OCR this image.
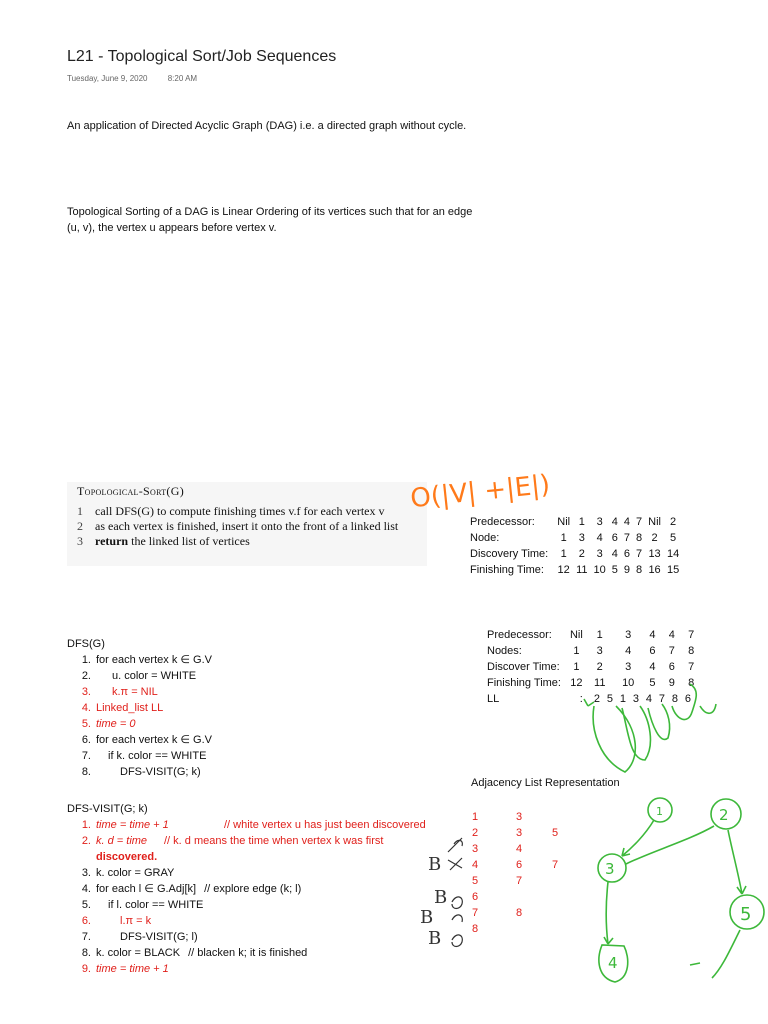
L21 - Topological Sort/Job Sequences
Tuesday, June 9, 2020	8:20 AM
An application of Directed Acyclic Graph (DAG) i.e. a directed graph without cycle.
Topological Sorting of a DAG is Linear Ordering of its vertices such that for an edge (u, v), the vertex u appears before vertex v.
Topological-Sort(G)
1 call DFS(G) to compute finishing times v.f for each vertex v
2 as each vertex is finished, insert it onto the front of a linked list
3 return the linked list of vertices
Predecessor:	Nil	1	3	4	4	7	Nil	2
Node:	1	3	4	6	7	8	2	5
Discovery Time:	1	2	3	4	6	7	13	14
Finishing Time:	12	11	10	5	9	8	16	15
Predecessor:	Nil	1	3	4	4	7
Nodes:	1	3	4	6	7	8
Discover Time:	1	2	3	4	6	7
Finishing Time:	12	11	10	5	9	8
LL	:	2 5 1 3 4 7 8 6				
DFS(G)
1. for each vertex k ∈ G.V
2. u. color = WHITE
3. k.π = NIL
4. Linked_list LL
5. time = 0
6. for each vertex k ∈ G.V
7. if k. color == WHITE
8.	DFS-VISIT(G; k)
DFS-VISIT(G; k)
1. time = time + 1	// white vertex u has just been discovered
2. k. d = time // k. d means the time when vertex k was first
discovered.
3. k. color = GRAY
4. for each l ∈ G.Adj[k] // explore edge (k; l)
5. if l. color == WHITE
6.	l.π = k
7.	DFS-VISIT(G; l)
8. k. color = BLACK // blacken k; it is finished
9. time = time + 1
Adjacency List Representation
1	3
2	3	5
3	4
4	6	7
5	7
6
7	8
8
O(|V| +|E|)
B
B
B
B
1	2
3
4
5
